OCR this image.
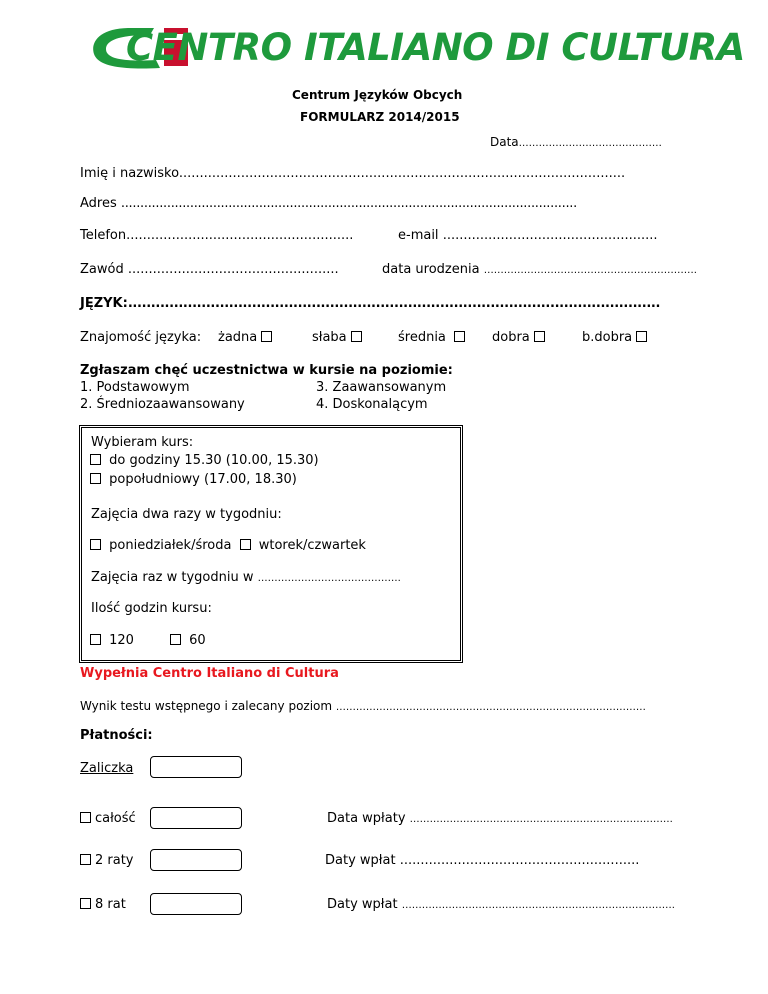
CENTRO ITALIANO DI CULTURA
Centrum Języków Obcych
FORMULARZ 2014/2015
Data………………….…………………
Imię i nazwisko............................................................................................................
Adres .......................................................................................................................
Telefon.......................................................	e-mail ....................................................
Zawód ...................................................	data urodzenia ……………………………………………………….
JĘZYK:....................................................................................................................
Znajomość języka: żadna	słaba	średnia	dobra	b.dobra
Zgłaszam chęć uczestnictwa w kursie na poziomie:
1. Podstawowym
2. Średniozaawansowany
3. Zaawansowanym
4. Doskonalącym
Wybieram kurs:
do godziny 15.30 (10.00, 15.30)
popołudniowy (17.00, 18.30)
Zajęcia dwa razy w tygodniu:
poniedziałek/środa wtorek/czwartek
Zajęcia raz w tygodniu w …………………………………….
Ilość godzin kursu:
120	60
Wypełnia Centro Italiano di Cultura
Wynik testu wstępnego i zalecany poziom …………………………………………………………………………………
Płatności:
Zaliczka
całość	Data wpłaty …………………………………………………………………….
2 raty	Daty wpłat ..........................................................
8 rat	Daty wpłat ……………………………………………………………………….
